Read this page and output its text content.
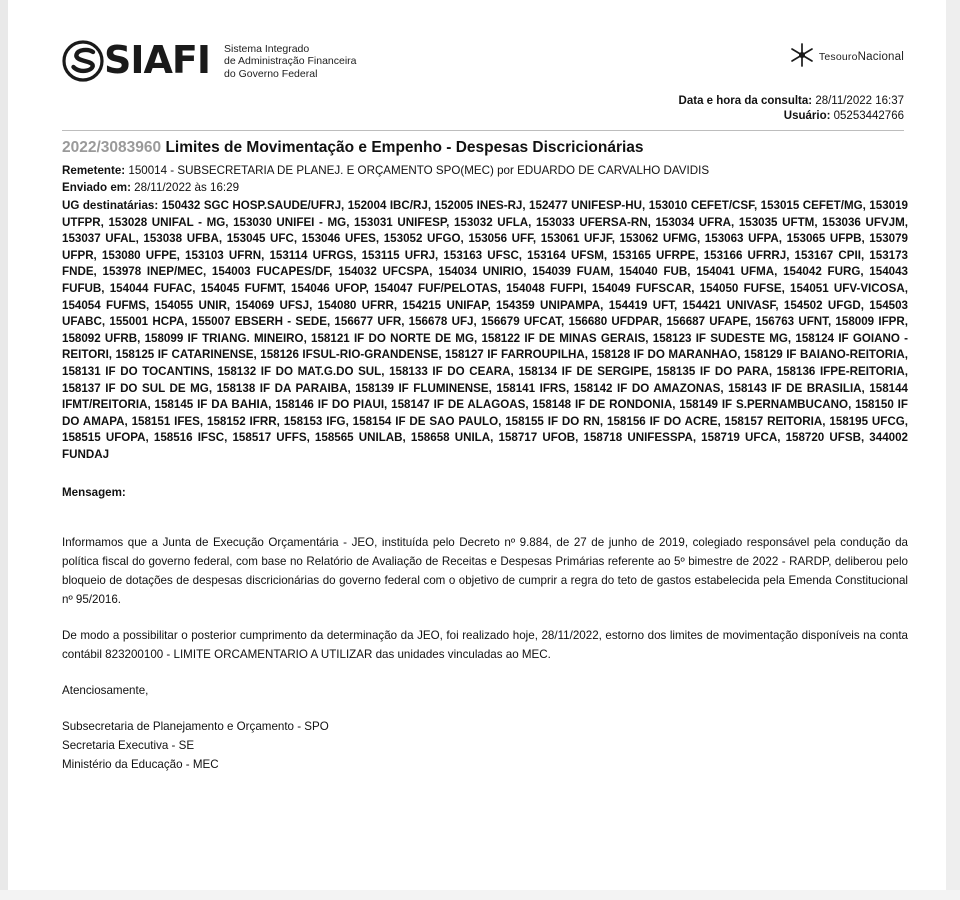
SIAFI Sistema Integrado
de Administração Financeira
do Governo Federal
TesouroNacional
Data e hora da consulta: 28/11/2022 16:37
Usuário: 05253442766
2022/3083960 Limites de Movimentação e Empenho - Despesas Discricionárias
Remetente: 150014 - SUBSECRETARIA DE PLANEJ. E ORÇAMENTO SPO(MEC) por EDUARDO DE CARVALHO DAVIDIS
Enviado em: 28/11/2022 às 16:29
UG destinatárias: 150432 SGC HOSP.SAUDE/UFRJ, 152004 IBC/RJ, 152005 INES-RJ, 152477 UNIFESP-HU, 153010 CEFET/CSF, 153015 CEFET/MG, 153019 UTFPR, 153028 UNIFAL - MG, 153030 UNIFEI - MG, 153031 UNIFESP, 153032 UFLA, 153033 UFERSA-RN, 153034 UFRA, 153035 UFTM, 153036 UFVJM, 153037 UFAL, 153038 UFBA, 153045 UFC, 153046 UFES, 153052 UFGO, 153056 UFF, 153061 UFJF, 153062 UFMG, 153063 UFPA, 153065 UFPB, 153079 UFPR, 153080 UFPE, 153103 UFRN, 153114 UFRGS, 153115 UFRJ, 153163 UFSC, 153164 UFSM, 153165 UFRPE, 153166 UFRRJ, 153167 CPII, 153173 FNDE, 153978 INEP/MEC, 154003 FUCAPES/DF, 154032 UFCSPA, 154034 UNIRIO, 154039 FUAM, 154040 FUB, 154041 UFMA, 154042 FURG, 154043 FUFUB, 154044 FUFAC, 154045 FUFMT, 154046 UFOP, 154047 FUF/PELOTAS, 154048 FUFPI, 154049 FUFSCAR, 154050 FUFSE, 154051 UFV-VICOSA, 154054 FUFMS, 154055 UNIR, 154069 UFSJ, 154080 UFRR, 154215 UNIFAP, 154359 UNIPAMPA, 154419 UFT, 154421 UNIVASF, 154502 UFGD, 154503 UFABC, 155001 HCPA, 155007 EBSERH - SEDE, 156677 UFR, 156678 UFJ, 156679 UFCAT, 156680 UFDPAR, 156687 UFAPE, 156763 UFNT, 158009 IFPR, 158092 UFRB, 158099 IF TRIANG. MINEIRO, 158121 IF DO NORTE DE MG, 158122 IF DE MINAS GERAIS, 158123 IF SUDESTE MG, 158124 IF GOIANO - REITORI, 158125 IF CATARINENSE, 158126 IFSUL-RIO-GRANDENSE, 158127 IF FARROUPILHA, 158128 IF DO MARANHAO, 158129 IF BAIANO-REITORIA, 158131 IF DO TOCANTINS, 158132 IF DO MAT.G.DO SUL, 158133 IF DO CEARA, 158134 IF DE SERGIPE, 158135 IF DO PARA, 158136 IFPE-REITORIA, 158137 IF DO SUL DE MG, 158138 IF DA PARAIBA, 158139 IF FLUMINENSE, 158141 IFRS, 158142 IF DO AMAZONAS, 158143 IF DE BRASILIA, 158144 IFMT/REITORIA, 158145 IF DA BAHIA, 158146 IF DO PIAUI, 158147 IF DE ALAGOAS, 158148 IF DE RONDONIA, 158149 IF S.PERNAMBUCANO, 158150 IF DO AMAPA, 158151 IFES, 158152 IFRR, 158153 IFG, 158154 IF DE SAO PAULO, 158155 IF DO RN, 158156 IF DO ACRE, 158157 REITORIA, 158195 UFCG, 158515 UFOPA, 158516 IFSC, 158517 UFFS, 158565 UNILAB, 158658 UNILA, 158717 UFOB, 158718 UNIFESSPA, 158719 UFCA, 158720 UFSB, 344002 FUNDAJ
Mensagem:

Informamos que a Junta de Execução Orçamentária - JEO, instituída pelo Decreto nº 9.884, de 27 de junho de 2019, colegiado responsável pela condução da política fiscal do governo federal, com base no Relatório de Avaliação de Receitas e Despesas Primárias referente ao 5º bimestre de 2022 - RARDP, deliberou pelo bloqueio de dotações de despesas discricionárias do governo federal com o objetivo de cumprir a regra do teto de gastos estabelecida pela Emenda Constitucional nº 95/2016.

De modo a possibilitar o posterior cumprimento da determinação da JEO, foi realizado hoje, 28/11/2022, estorno dos limites de movimentação disponíveis na conta contábil 823200100 - LIMITE ORCAMENTARIO A UTILIZAR das unidades vinculadas ao MEC.

Atenciosamente,

Subsecretaria de Planejamento e Orçamento - SPO

Secretaria Executiva - SE

Ministério da Educação - MEC
